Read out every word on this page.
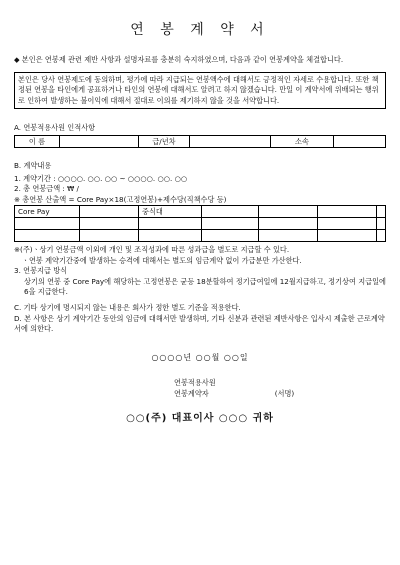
연 봉 계 약 서
◆ 본인은 연봉제 관련 제반 사항과 설명자료를 충분히 숙지하였으며, 다음과 같이 연봉계약을 체결합니다.
본인은 당사 연봉제도에 동의하며, 평가에 따라 지급되는 연봉액수에 대해서도 긍정적인 자세로 수용합니다. 또한 책정된 연봉을 타인에게 공표하거나 타인의 연봉에 대해서도 알려고 하지 않겠습니다. 만일 이 계약서에 위배되는 행위로 인하여 발생하는 불이익에 대해서 절대로 이의를 제기하지 않을 것을 서약합니다.
A. 연봉적용사원 인적사항
이 름		급/년차		소속	
B. 계약내용
1. 계약기간 : ○○○○. ○○. ○○ ~ ○○○○. ○○. ○○
2. 총 연봉금액 : ₩ /
※ 총연봉 산출액 = Core Pay×18(고정연봉)+제수당(직책수당 등)
Core Pay		중식대				

※(주)ㆍ상기 연봉금액 이외에 개인 및 조직성과에 따른 성과급을 별도로 지급할 수 있다.
ㆍ연봉 계약기간중에 발생하는 승격에 대해서는 별도의 임금계약 없이 가급분만 가산한다.
3. 연봉지급 방식
상기의 연봉 중 Core Pay에 해당하는 고정연봉은 균등 18분할하여 정기급여일에 12월지급하고, 정기상여 지급일에 6을 지급한다.
C. 기타 상기에 명시되지 않는 내용은 회사가 정한 별도 기준을 적용한다.
D. 본 사항은 상기 계약기간 동안의 임금에 대해서만 발생하며, 기타 신분과 관련된 제반사항은 입사시 제출한 근로계약서에 의한다.
○○○○년 ○○월 ○○일
연봉적용사원
연봉계약자	(서명)
○○(주) 대표이사 ○○○ 귀하
